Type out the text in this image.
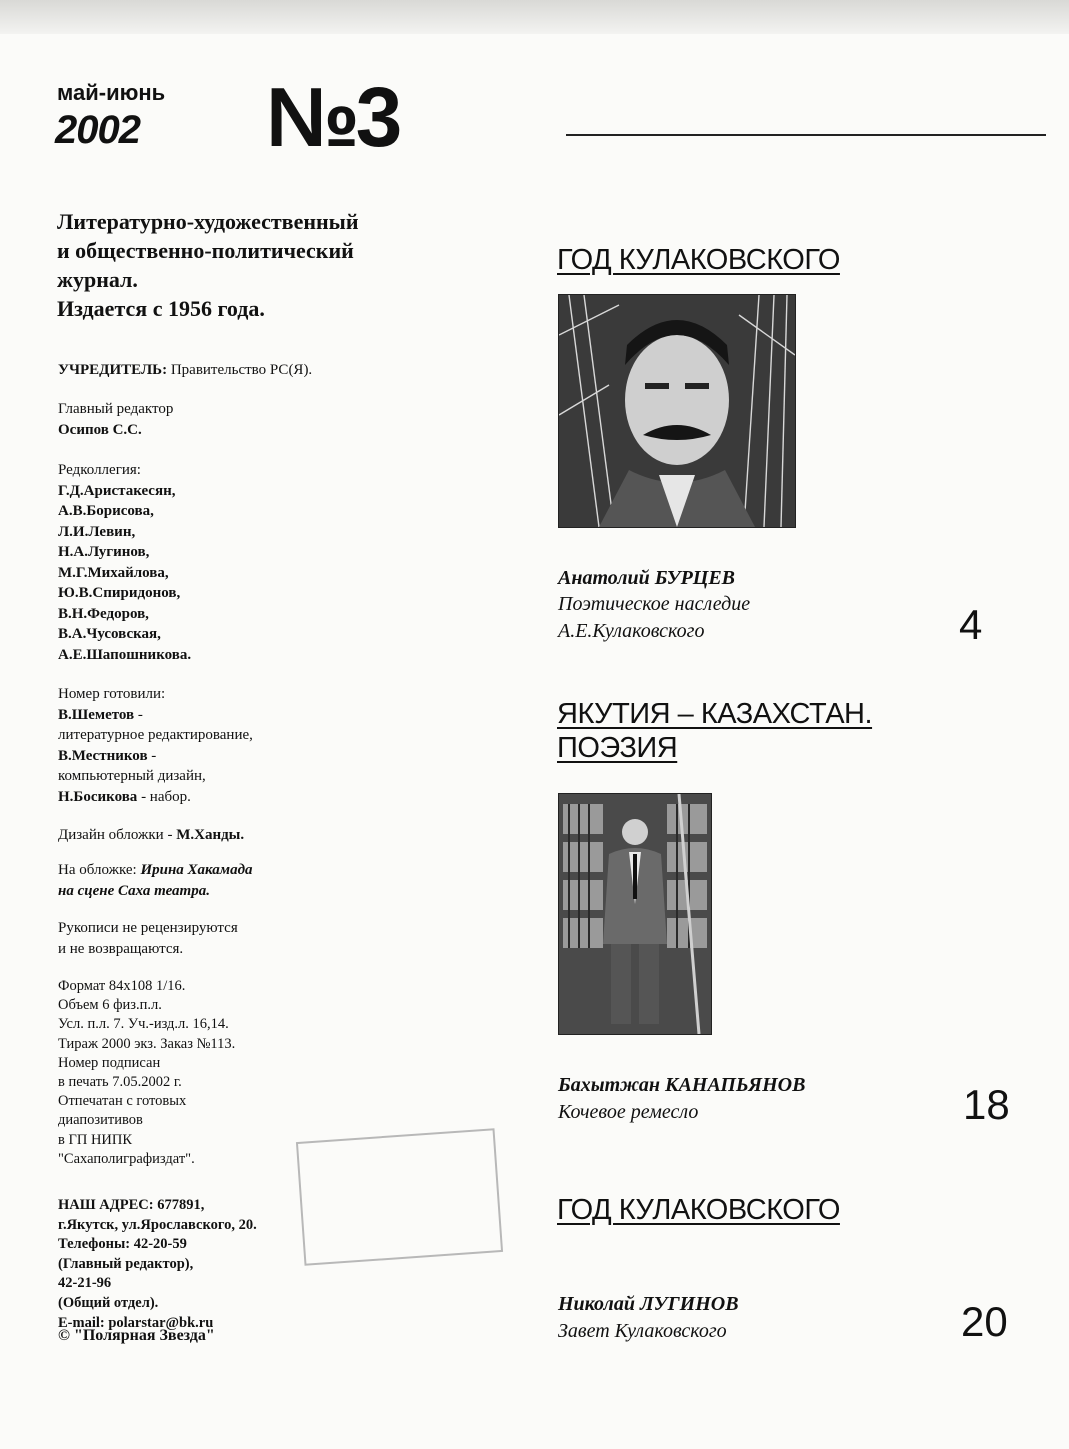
май-июнь
2002 №3
Литературно-художественный
и общественно-политический
журнал.
Издается с 1956 года.
УЧРЕДИТЕЛЬ: Правительство РС(Я).
Главный редактор
Осипов С.С.
Редколлегия:
Г.Д.Аристакесян,
А.В.Борисова,
Л.И.Левин,
Н.А.Лугинов,
М.Г.Михайлова,
Ю.В.Спиридонов,
В.Н.Федоров,
В.А.Чусовская,
А.Е.Шапошникова.
Номер готовили:
В.Шеметов -
литературное редактирование,
В.Местников -
компьютерный дизайн,
Н.Босикова - набор.
Дизайн обложки - М.Ханды.
На обложке: Ирина Хакамада
на сцене Саха театра.
Рукописи не рецензируются
и не возвращаются.
Формат 84х108 1/16.
Объем 6 физ.п.л.
Усл. п.л. 7. Уч.-изд.л. 16,14.
Тираж 2000 экз. Заказ №113.
Номер подписан
в печать 7.05.2002 г.
Отпечатан с готовых
диапозитивов
в ГП НИПК
"Сахаполиграфиздат".
НАШ АДРЕС: 677891,
г.Якутск, ул.Ярославского, 20.
Телефоны: 42-20-59
(Главный редактор),
42-21-96
(Общий отдел).
E-mail: polarstar@bk.ru
© "Полярная Звезда"
ГОД КУЛАКОВСКОГО
Анатолий БУРЦЕВ
Поэтическое наследие
А.Е.Кулаковского	4
ЯКУТИЯ – КАЗАХСТАН.
ПОЭЗИЯ
Бахытжан КАНАПЬЯНОВ
Кочевое ремесло	18
ГОД КУЛАКОВСКОГО
Николай ЛУГИНОВ
Завет Кулаковского	20
